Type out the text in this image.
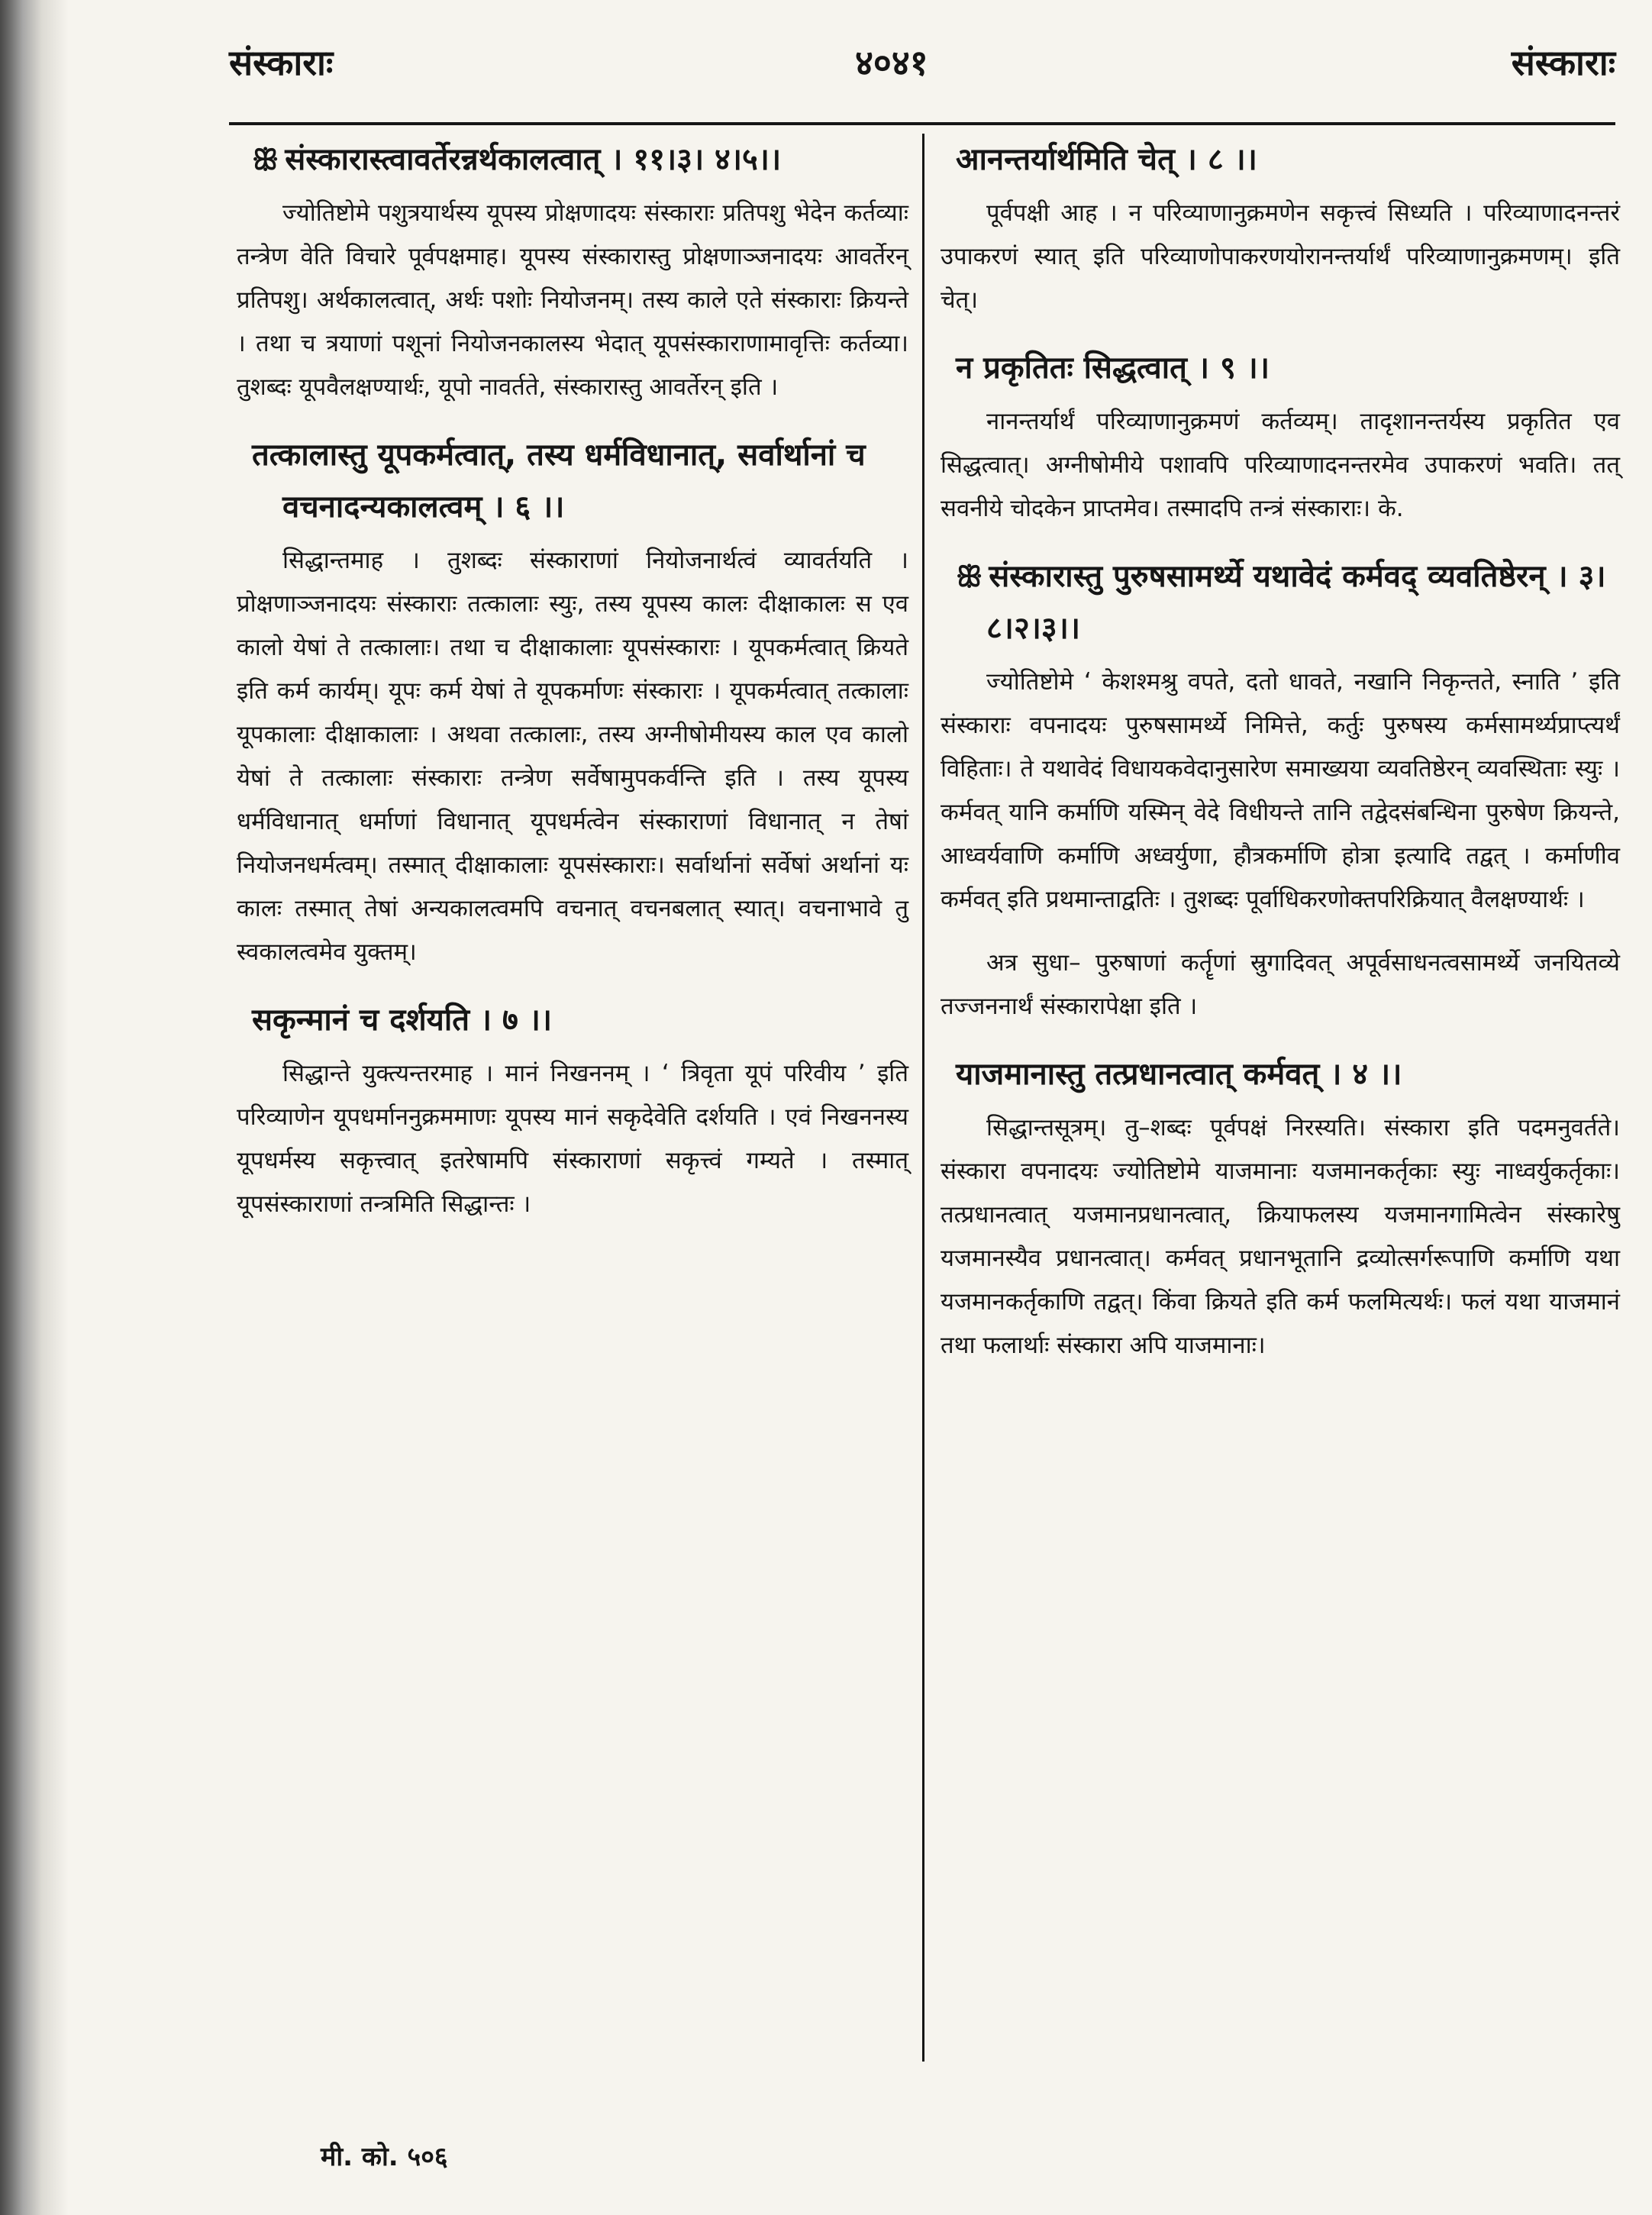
संस्काराः	४०४१	संस्काराः
ꕥ संस्कारास्त्वावर्तेरन्नर्थकालत्वात् । ११।३। ४।५।।

ज्योतिष्टोमे पशुत्रयार्थस्य यूपस्य प्रोक्षणादयः संस्काराः प्रतिपशु भेदेन कर्तव्याः तन्त्रेण वेति विचारे पूर्वपक्षमाह। यूपस्य संस्कारास्तु प्रोक्षणाञ्जनादयः आवर्तेरन् प्रतिपशु। अर्थकालत्वात्, अर्थः पशोः नियोजनम्। तस्य काले एते संस्काराः क्रियन्ते । तथा च त्रयाणां पशूनां नियोजनकालस्य भेदात् यूपसंस्काराणामावृत्तिः कर्तव्या। तुशब्दः यूपवैलक्षण्यार्थः, यूपो नावर्तते, संस्कारास्तु आवर्तेरन् इति ।

तत्कालास्तु यूपकर्मत्वात्, तस्य धर्मविधानात्, सर्वार्थानां च वचनादन्यकालत्वम् । ६ ।।

सिद्धान्तमाह । तुशब्दः संस्काराणां नियोजनार्थत्वं व्यावर्तयति । प्रोक्षणाञ्जनादयः संस्काराः तत्कालाः स्युः, तस्य यूपस्य कालः दीक्षाकालः स एव कालो येषां ते तत्कालाः। तथा च दीक्षाकालाः यूपसंस्काराः । यूपकर्मत्वात् क्रियते इति कर्म कार्यम्। यूपः कर्म येषां ते यूपकर्माणः संस्काराः । यूपकर्मत्वात् तत्कालाः यूपकालाः दीक्षाकालाः । अथवा तत्कालाः, तस्य अग्नीषोमीयस्य काल एव कालो येषां ते तत्कालाः संस्काराः तन्त्रेण सर्वेषामुपकर्वन्ति इति । तस्य यूपस्य धर्मविधानात् धर्माणां विधानात् यूपधर्मत्वेन संस्काराणां विधानात् न तेषां नियोजनधर्मत्वम्। तस्मात् दीक्षाकालाः यूपसंस्काराः। सर्वार्थानां सर्वेषां अर्थानां यः कालः तस्मात् तेषां अन्यकालत्वमपि वचनात् वचनबलात् स्यात्। वचनाभावे तु स्वकालत्वमेव युक्तम्।

सकृन्मानं च दर्शयति । ७ ।।

सिद्धान्ते युक्त्यन्तरमाह । मानं निखननम् । ‘ त्रिवृता यूपं परिवीय ’ इति परिव्याणेन यूपधर्माननुक्रममाणः यूपस्य मानं सकृदेवेति दर्शयति । एवं निखननस्य यूपधर्मस्य सकृत्त्वात् इतरेषामपि संस्काराणां सकृत्त्वं गम्यते । तस्मात् यूपसंस्काराणां तन्त्रमिति सिद्धान्तः ।

आनन्तर्यार्थमिति चेत् । ८ ।।

पूर्वपक्षी आह । न परिव्याणानुक्रमणेन सकृत्त्वं सिध्यति । परिव्याणादनन्तरं उपाकरणं स्यात् इति परिव्याणोपाकरणयोरानन्तर्यार्थं परिव्याणानुक्रमणम्। इति चेत्।

न प्रकृतितः सिद्धत्वात् । ९ ।।

नानन्तर्यार्थं परिव्याणानुक्रमणं कर्तव्यम्। तादृशानन्तर्यस्य प्रकृतित एव सिद्धत्वात्। अग्नीषोमीये पशावपि परिव्याणादनन्तरमेव उपाकरणं भवति। तत् सवनीये चोदकेन प्राप्तमेव। तस्मादपि तन्त्रं संस्काराः। के.

ꕥ संस्कारास्तु पुरुषसामर्थ्ये यथावेदं कर्मवद् व्यवतिष्ठेरन् । ३।८।२।३।।

ज्योतिष्टोमे ‘ केशश्मश्रु वपते, दतो धावते, नखानि निकृन्तते, स्नाति ’ इति संस्काराः वपनादयः पुरुषसामर्थ्ये निमित्ते, कर्तुः पुरुषस्य कर्मसामर्थ्यप्राप्त्यर्थं विहिताः। ते यथावेदं विधायकवेदानुसारेण समाख्यया व्यवतिष्ठेरन् व्यवस्थिताः स्युः । कर्मवत् यानि कर्माणि यस्मिन् वेदे विधीयन्ते तानि तद्वेदसंबन्धिना पुरुषेण क्रियन्ते, आध्वर्यवाणि कर्माणि अध्वर्युणा, हौत्रकर्माणि होत्रा इत्यादि तद्वत् । कर्माणीव कर्मवत् इति प्रथमान्ताद्वतिः । तुशब्दः पूर्वाधिकरणोक्तपरिक्रियात् वैलक्षण्यार्थः ।

अत्र सुधा– पुरुषाणां कर्तॄणां स्रुगादिवत् अपूर्वसाधनत्वसामर्थ्ये जनयितव्ये तज्जननार्थं संस्कारापेक्षा इति ।

याजमानास्तु तत्प्रधानत्वात् कर्मवत् । ४ ।।

सिद्धान्तसूत्रम्। तु–शब्दः पूर्वपक्षं निरस्यति। संस्कारा इति पदमनुवर्तते। संस्कारा वपनादयः ज्योतिष्टोमे याजमानाः यजमानकर्तृकाः स्युः नाध्वर्युकर्तृकाः। तत्प्रधानत्वात् यजमानप्रधानत्वात्, क्रियाफलस्य यजमानगामित्वेन संस्कारेषु यजमानस्यैव प्रधानत्वात्। कर्मवत् प्रधानभूतानि द्रव्योत्सर्गरूपाणि कर्माणि यथा यजमानकर्तृकाणि तद्वत्। किंवा क्रियते इति कर्म फलमित्यर्थः। फलं यथा याजमानं तथा फलार्थाः संस्कारा अपि याजमानाः।

मी. को. ५०६
